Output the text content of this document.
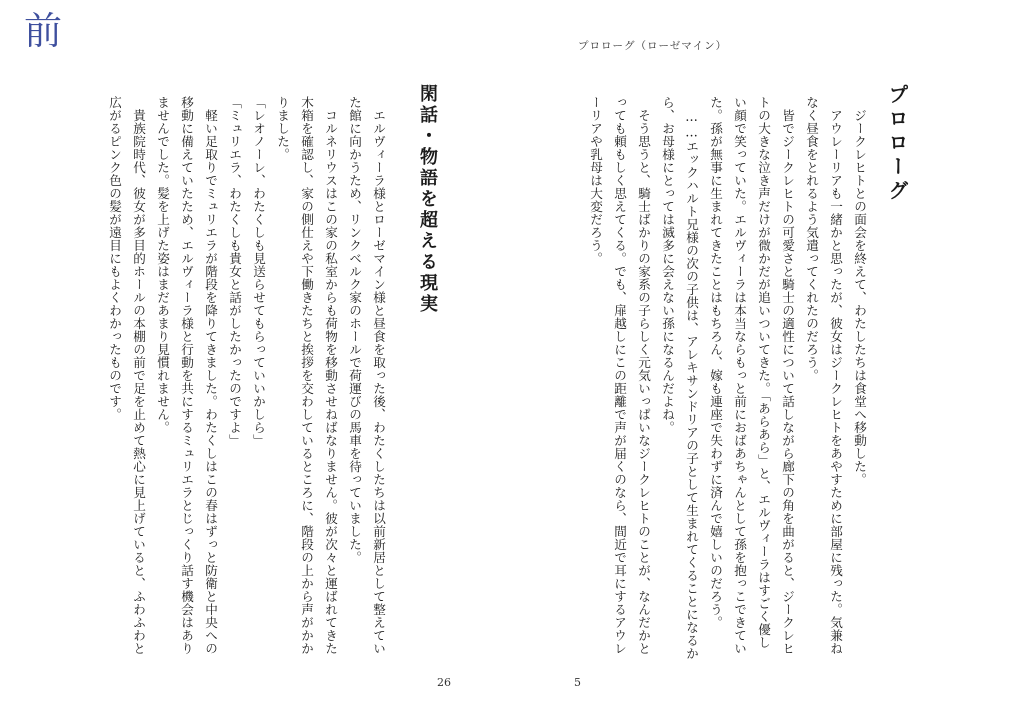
前	プロローグ（ローゼマイン）
プロローグ
　ジークレヒトとの面会を終えて、わたしたちは食堂へ移動した。
　アウレーリアも一緒かと思ったが、彼女はジークレヒトをあやすために部屋に残った。気兼ね
なく昼食をとれるよう気遣ってくれたのだろう。
　皆でジークレヒトの可愛さと騎士の適性について話しながら廊下の角を曲がると、ジークレヒ
トの大きな泣き声だけが微かだが追いついてきた。「あらあら」と、エルヴィーラはすごく優し
い顔で笑っていた。エルヴィーラは本当ならもっと前におばあちゃんとして孫を抱っこできてい
た。孫が無事に生まれてきたことはもちろん、嫁も連座で失わずに済んで嬉しいのだろう。
　……エックハルト兄様の次の子供は、アレキサンドリアの子として生まれてくることになるか
ら、お母様にとっては滅多に会えない孫になるんだよね。
　そう思うと、騎士ばかりの家系の子らしく元気いっぱいなジークレヒトのことが、なんだかと
っても頼もしく思えてくる。でも、扉越しにこの距離で声が届くのなら、間近で耳にするアウレ
ーリアや乳母は大変だろう。
閑話・物語を超える現実
　エルヴィーラ様とローゼマイン様と昼食を取った後、わたくしたちは以前新居として整えてい
た館に向かうため、リンクベルク家のホールで荷運びの馬車を待っていました。
　コルネリウスはこの家の私室からも荷物を移動させねばなりません。彼が次々と運ばれてきた
木箱を確認し、家の側仕えや下働きたちと挨拶を交わしているところに、階段の上から声がかか
りました。
「レオノーレ、わたくしも見送らせてもらっていいかしら」
「ミュリエラ、わたくしも貴女と話がしたかったのですよ」
　軽い足取りでミュリエラが階段を降りてきました。わたくしはこの春はずっと防衛と中央への
移動に備えていたため、エルヴィーラ様と行動を共にするミュリエラとじっくり話す機会はあり
ませんでした。髪を上げた姿はまだあまり見慣れません。
　貴族院時代、彼女が多目的ホールの本棚の前で足を止めて熱心に見上げていると、ふわふわと
広がるピンク色の髪が遠目にもよくわかったものです。
26	5
